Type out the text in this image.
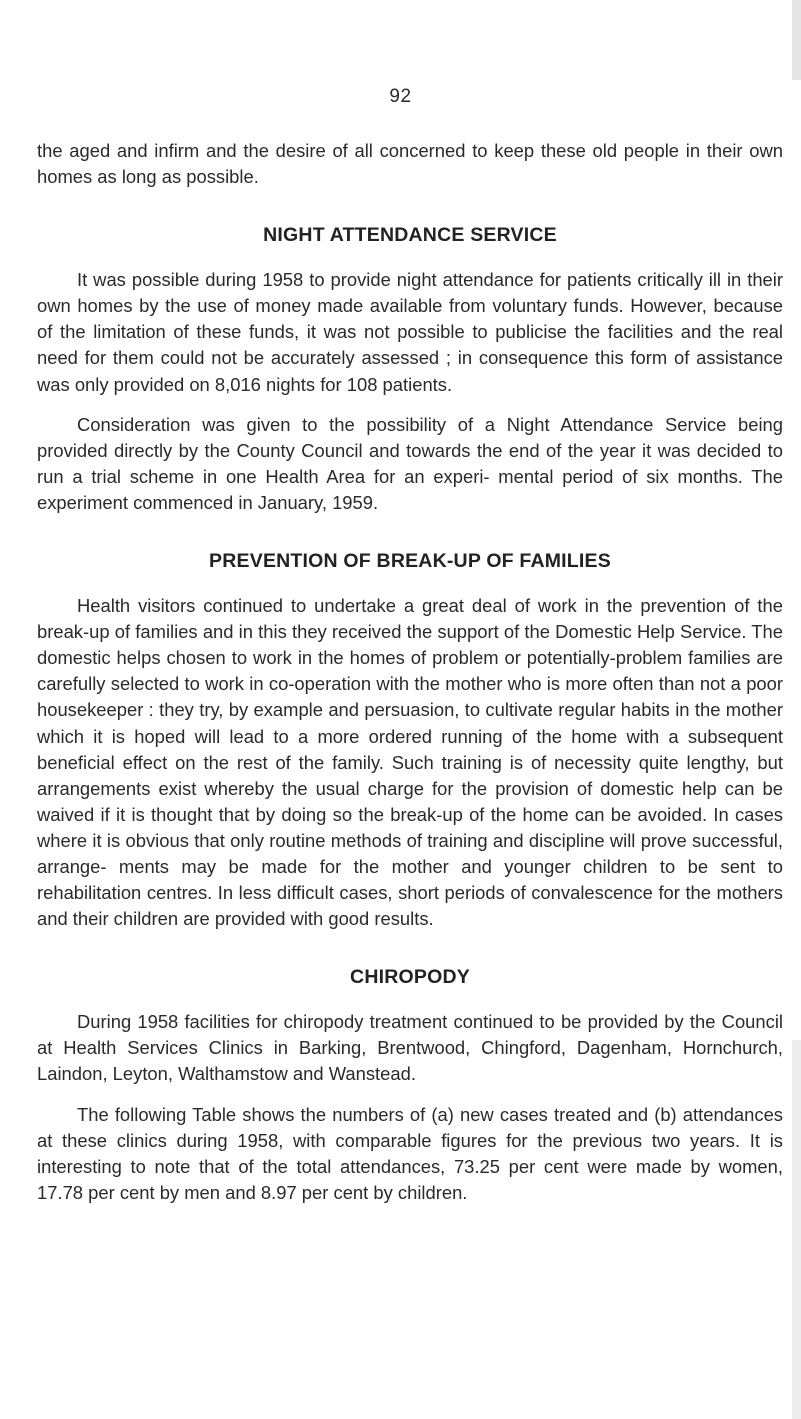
92

the aged and infirm and the desire of all concerned to keep these old people in their own homes as long as possible.

NIGHT ATTENDANCE SERVICE

It was possible during 1958 to provide night attendance for patients critically ill in their own homes by the use of money made available from voluntary funds. However, because of the limitation of these funds, it was not possible to publicise the facilities and the real need for them could not be accurately assessed ; in consequence this form of assistance was only provided on 8,016 nights for 108 patients.

Consideration was given to the possibility of a Night Attendance Service being provided directly by the County Council and towards the end of the year it was decided to run a trial scheme in one Health Area for an experi- mental period of six months. The experiment commenced in January, 1959.

PREVENTION OF BREAK-UP OF FAMILIES

Health visitors continued to undertake a great deal of work in the prevention of the break-up of families and in this they received the support of the Domestic Help Service. The domestic helps chosen to work in the homes of problem or potentially-problem families are carefully selected to work in co-operation with the mother who is more often than not a poor housekeeper : they try, by example and persuasion, to cultivate regular habits in the mother which it is hoped will lead to a more ordered running of the home with a subsequent beneficial effect on the rest of the family. Such training is of necessity quite lengthy, but arrangements exist whereby the usual charge for the provision of domestic help can be waived if it is thought that by doing so the break-up of the home can be avoided. In cases where it is obvious that only routine methods of training and discipline will prove successful, arrange- ments may be made for the mother and younger children to be sent to rehabilitation centres. In less difficult cases, short periods of convalescence for the mothers and their children are provided with good results.

CHIROPODY

During 1958 facilities for chiropody treatment continued to be provided by the Council at Health Services Clinics in Barking, Brentwood, Chingford, Dagenham, Hornchurch, Laindon, Leyton, Walthamstow and Wanstead.

The following Table shows the numbers of (a) new cases treated and (b) attendances at these clinics during 1958, with comparable figures for the previous two years. It is interesting to note that of the total attendances, 73.25 per cent were made by women, 17.78 per cent by men and 8.97 per cent by children.
